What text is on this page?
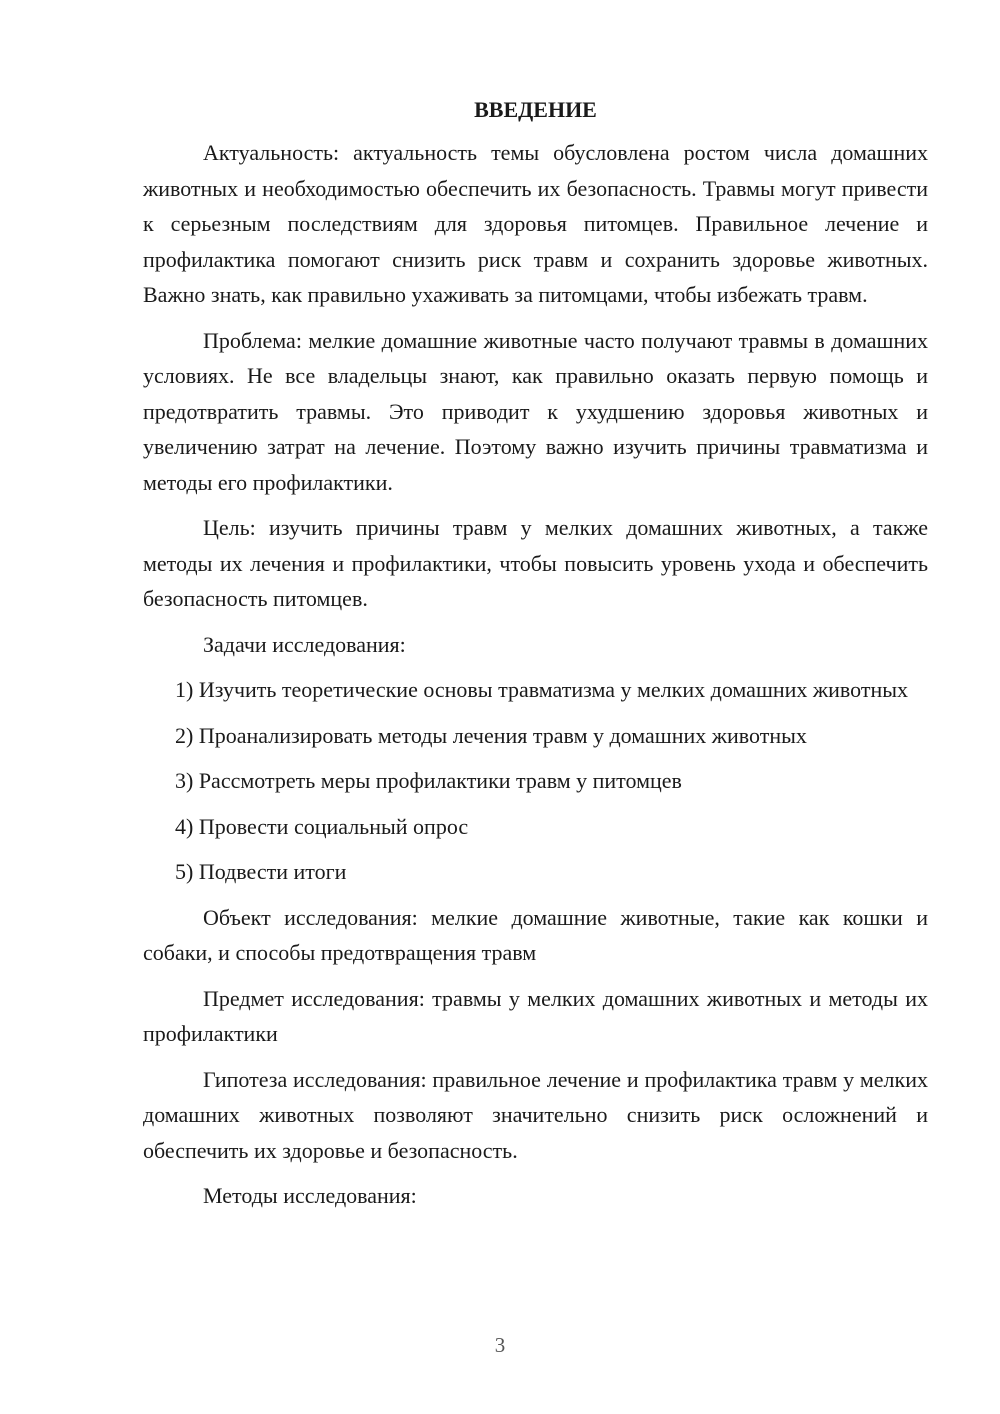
ВВЕДЕНИЕ

Актуальность: актуальность темы обусловлена ростом числа домашних животных и необходимостью обеспечить их безопасность. Травмы могут привести к серьезным последствиям для здоровья питомцев. Правильное лечение и профилактика помогают снизить риск травм и сохранить здоровье животных. Важно знать, как правильно ухаживать за питомцами, чтобы избежать травм.

Проблема: мелкие домашние животные часто получают травмы в домашних условиях. Не все владельцы знают, как правильно оказать первую помощь и предотвратить травмы. Это приводит к ухудшению здоровья животных и увеличению затрат на лечение. Поэтому важно изучить причины травматизма и методы его профилактики.

Цель: изучить причины травм у мелких домашних животных, а также методы их лечения и профилактики, чтобы повысить уровень ухода и обеспечить безопасность питомцев.

Задачи исследования:

1) Изучить теоретические основы травматизма у мелких домашних животных

2) Проанализировать методы лечения травм у домашних животных

3) Рассмотреть меры профилактики травм у питомцев

4) Провести социальный опрос

5) Подвести итоги

Объект исследования: мелкие домашние животные, такие как кошки и собаки, и способы предотвращения травм

Предмет исследования: травмы у мелких домашних животных и методы их профилактики

Гипотеза исследования: правильное лечение и профилактика травм у мелких домашних животных позволяют значительно снизить риск осложнений и обеспечить их здоровье и безопасность.

Методы исследования:

3
